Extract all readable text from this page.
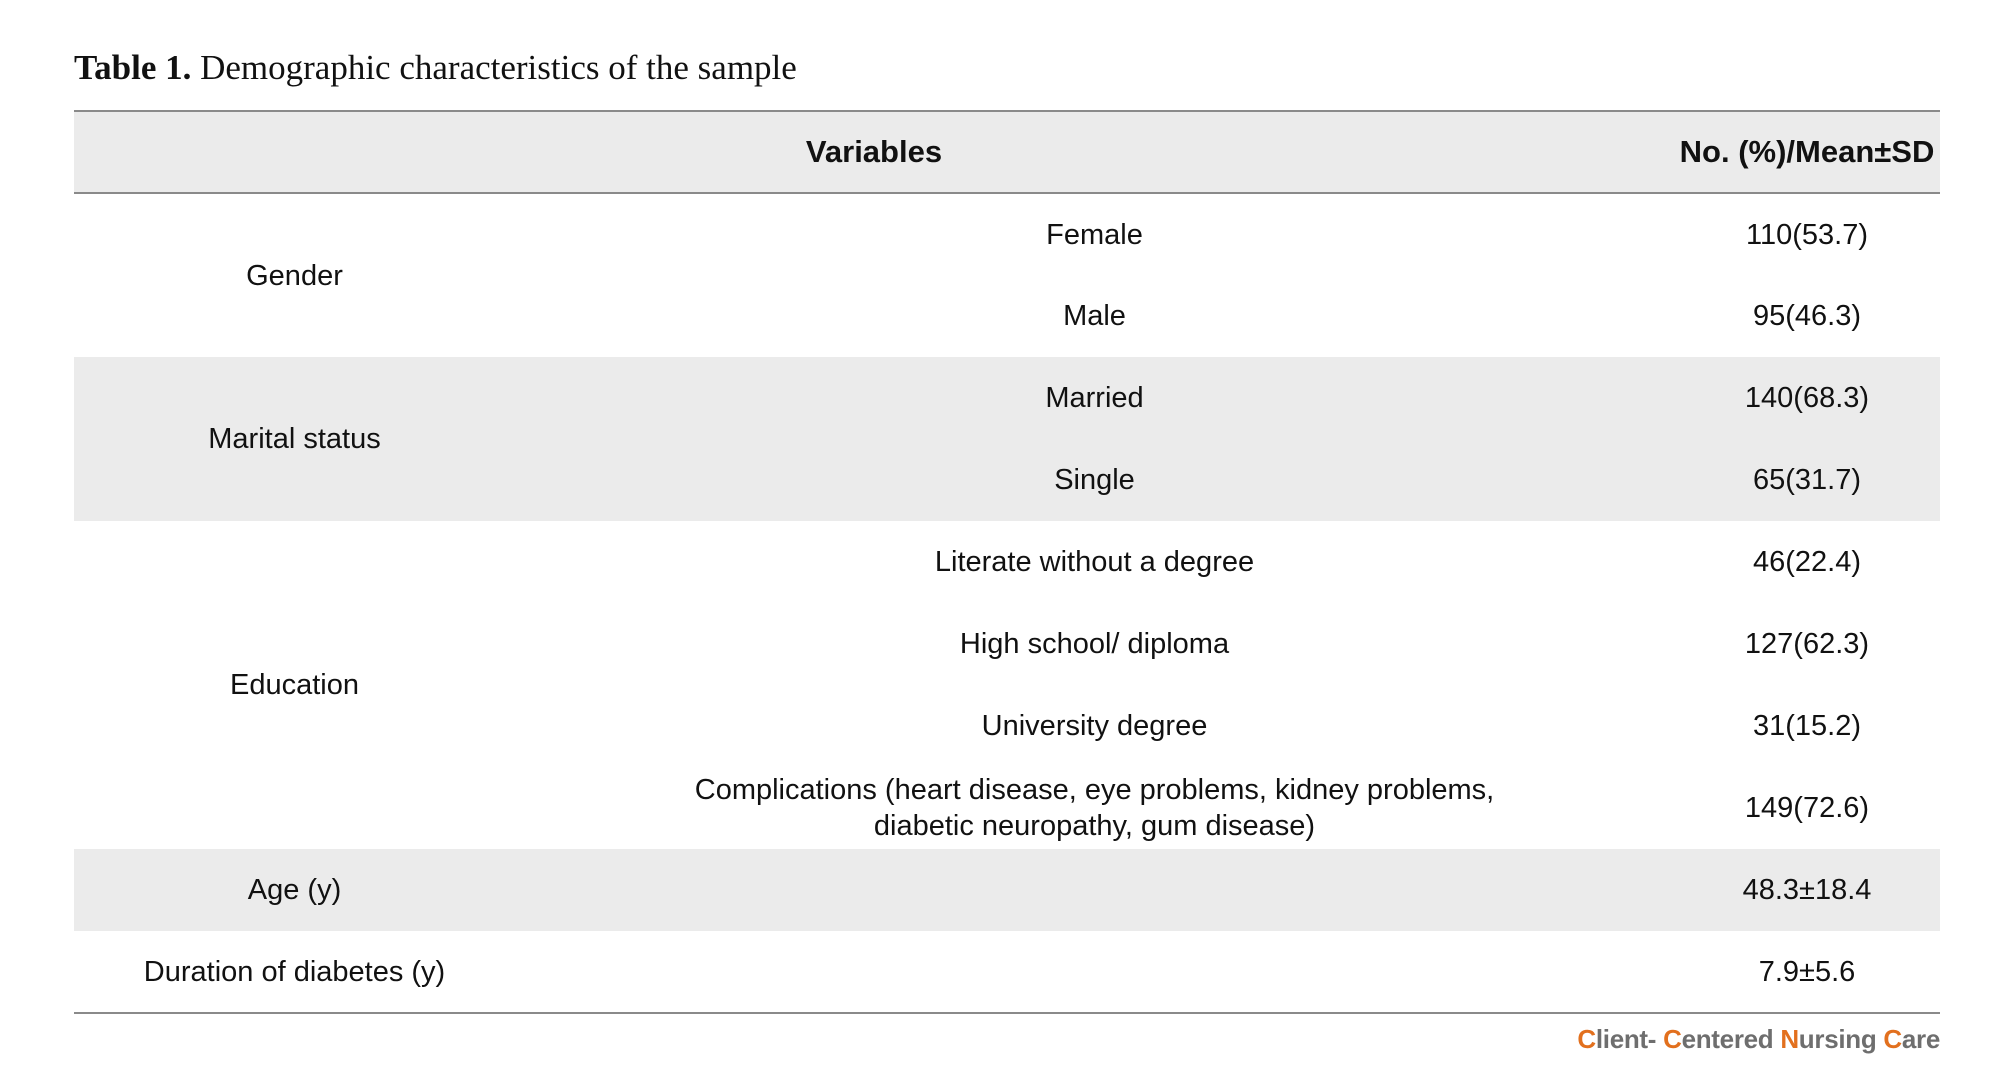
Table 1. Demographic characteristics of the sample
Variables		No. (%)/Mean±SD
Gender	Female	110(53.7)
	Male	95(46.3)
Marital status	Married	140(68.3)
	Single	65(31.7)
Education	Literate without a degree	46(22.4)
	High school/ diploma	127(62.3)
	University degree	31(15.2)

	Complications (heart disease, eye problems, kidney problems,
diabetic neuropathy, gum disease)	149(72.6)
Age (y)		48.3±18.4
Duration of diabetes (y)		7.9±5.6
Client- Centered Nursing Care
